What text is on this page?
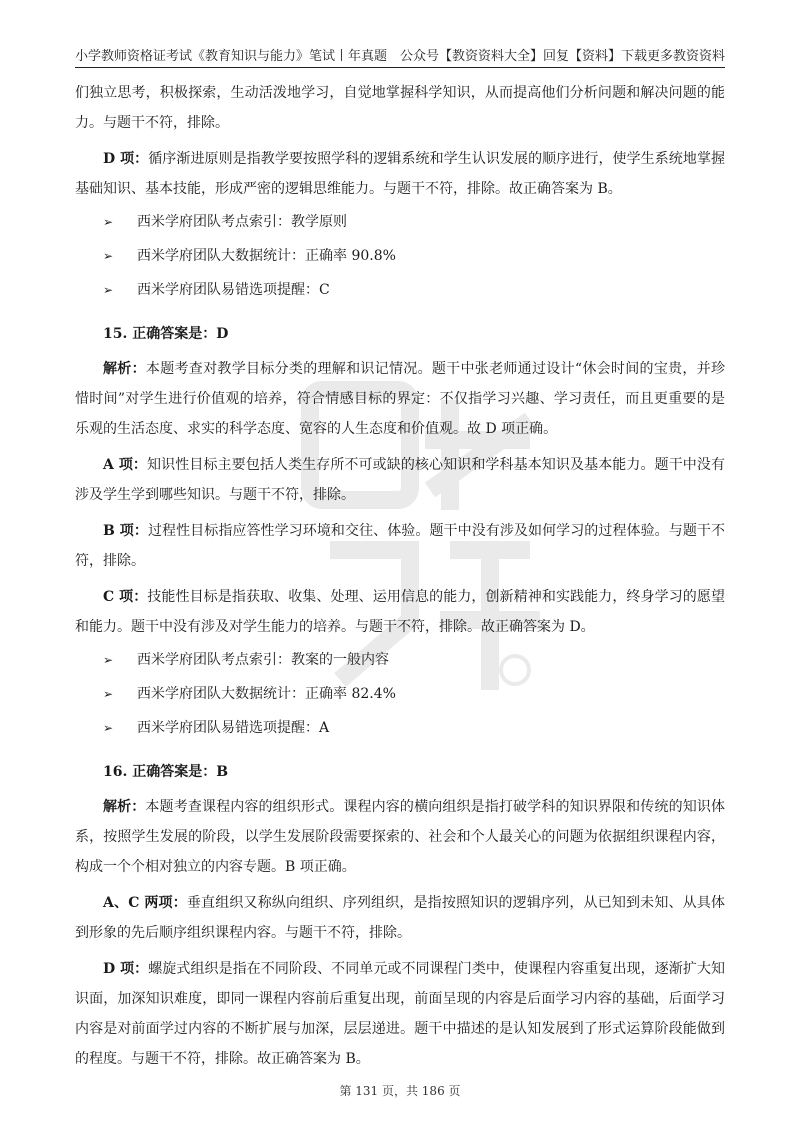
小学教师资格证考试《教育知识与能力》笔试丨年真题 公众号【教资资料大全】回复【资料】下载更多教资资料

们独立思考，积极探索，生动活泼地学习，自觉地掌握科学知识，从而提高他们分析问题和解决问题的能力。与题干不符，排除。

D 项：循序渐进原则是指教学要按照学科的逻辑系统和学生认识发展的顺序进行，使学生系统地掌握基础知识、基本技能，形成严密的逻辑思维能力。与题干不符，排除。故正确答案为 B。

➢	西米学府团队考点索引：教学原则
➢	西米学府团队大数据统计：正确率 90.8%
➢	西米学府团队易错选项提醒：C
15. 正确答案是：D

解析：本题考查对教学目标分类的理解和识记情况。题干中张老师通过设计“休会时间的宝贵，并珍惜时间”对学生进行价值观的培养，符合情感目标的界定：不仅指学习兴趣、学习责任，而且更重要的是乐观的生活态度、求实的科学态度、宽容的人生态度和价值观。故 D 项正确。

A 项：知识性目标主要包括人类生存所不可或缺的核心知识和学科基本知识及基本能力。题干中没有涉及学生学到哪些知识。与题干不符，排除。

B 项：过程性目标指应答性学习环境和交往、体验。题干中没有涉及如何学习的过程体验。与题干不符，排除。

C 项：技能性目标是指获取、收集、处理、运用信息的能力，创新精神和实践能力，终身学习的愿望和能力。题干中没有涉及对学生能力的培养。与题干不符，排除。故正确答案为 D。

➢	西米学府团队考点索引：教案的一般内容
➢	西米学府团队大数据统计：正确率 82.4%
➢	西米学府团队易错选项提醒：A
16. 正确答案是：B

解析：本题考查课程内容的组织形式。课程内容的横向组织是指打破学科的知识界限和传统的知识体系，按照学生发展的阶段，以学生发展阶段需要探索的、社会和个人最关心的问题为依据组织课程内容，构成一个个相对独立的内容专题。B 项正确。

A、C 两项：垂直组织又称纵向组织、序列组织，是指按照知识的逻辑序列，从已知到未知、从具体到形象的先后顺序组织课程内容。与题干不符，排除。

D 项：螺旋式组织是指在不同阶段、不同单元或不同课程门类中，使课程内容重复出现，逐渐扩大知识面，加深知识难度，即同一课程内容前后重复出现，前面呈现的内容是后面学习内容的基础，后面学习内容是对前面学过内容的不断扩展与加深，层层递进。题干中描述的是认知发展到了形式运算阶段能做到的程度。与题干不符，排除。故正确答案为 B。

第 131 页，共 186 页
